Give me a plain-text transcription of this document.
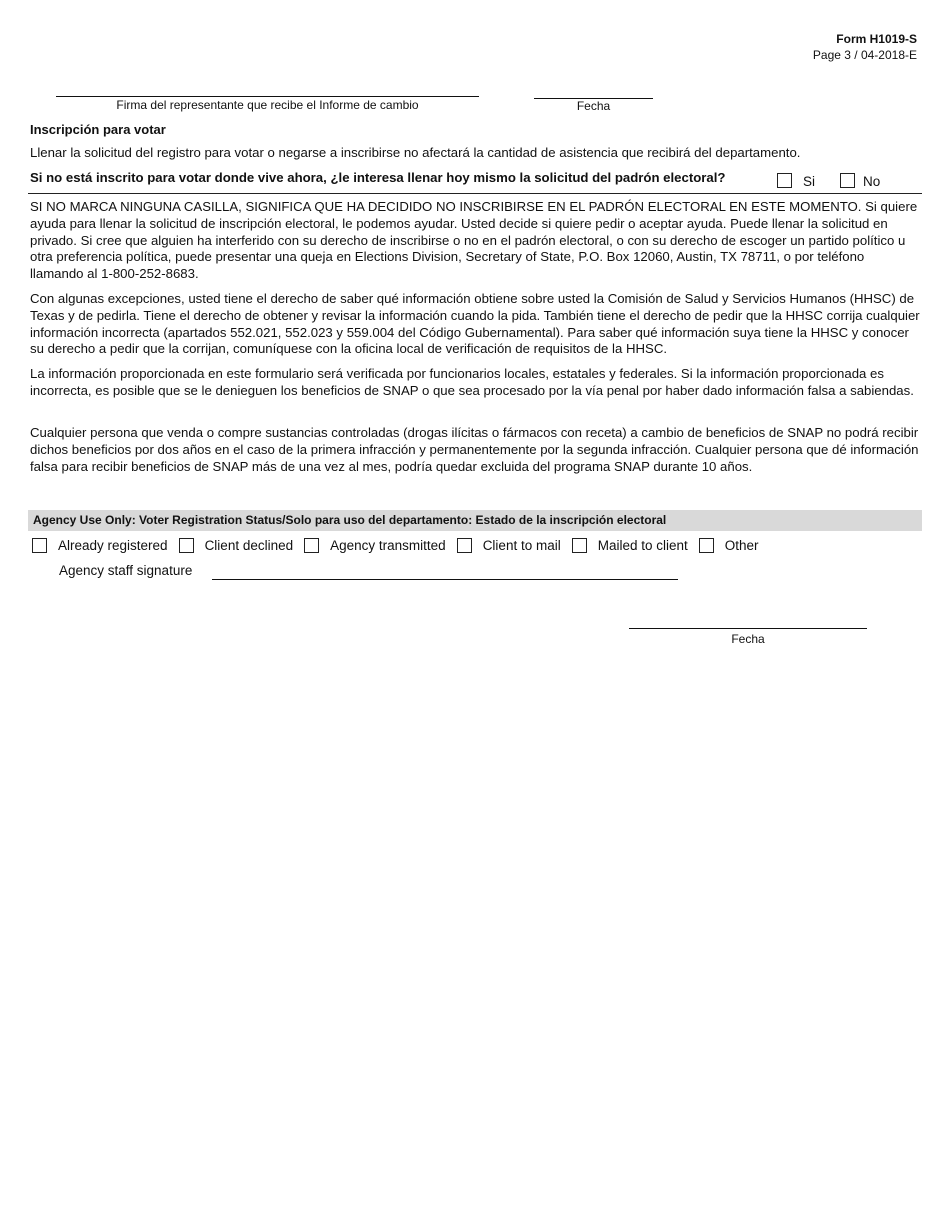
Form H1019-S
Page 3 / 04-2018-E
Firma del representante que recibe el Informe de cambio	Fecha
Inscripción para votar
Llenar la solicitud del registro para votar o negarse a inscribirse no afectará la cantidad de asistencia que recibirá del departamento.
Si no está inscrito para votar donde vive ahora, ¿le interesa llenar hoy mismo la solicitud del padrón electoral?	Si	No
SI NO MARCA NINGUNA CASILLA, SIGNIFICA QUE HA DECIDIDO NO INSCRIBIRSE EN EL PADRÓN ELECTORAL EN ESTE MOMENTO. Si quiere ayuda para llenar la solicitud de inscripción electoral, le podemos ayudar. Usted decide si quiere pedir o aceptar ayuda. Puede llenar la solicitud en privado. Si cree que alguien ha interferido con su derecho de inscribirse o no en el padrón electoral, o con su derecho de escoger un partido político u otra preferencia política, puede presentar una queja en Elections Division, Secretary of State, P.O. Box 12060, Austin, TX 78711, o por teléfono llamando al 1-800-252-8683.
Con algunas excepciones, usted tiene el derecho de saber qué información obtiene sobre usted la Comisión de Salud y Servicios Humanos (HHSC) de Texas y de pedirla. Tiene el derecho de obtener y revisar la información cuando la pida. También tiene el derecho de pedir que la HHSC corrija cualquier información incorrecta (apartados 552.021, 552.023 y 559.004 del Código Gubernamental). Para saber qué información suya tiene la HHSC y conocer su derecho a pedir que la corrijan, comuníquese con la oficina local de verificación de requisitos de la HHSC.
La información proporcionada en este formulario será verificada por funcionarios locales, estatales y federales. Si la información proporcionada es incorrecta, es posible que se le denieguen los beneficios de SNAP o que sea procesado por la vía penal por haber dado información falsa a sabiendas.
Cualquier persona que venda o compre sustancias controladas (drogas ilícitas o fármacos con receta) a cambio de beneficios de SNAP no podrá recibir dichos beneficios por dos años en el caso de la primera infracción y permanentemente por la segunda infracción. Cualquier persona que dé información falsa para recibir beneficios de SNAP más de una vez al mes, podría quedar excluida del programa SNAP durante 10 años.
Agency Use Only: Voter Registration Status/Solo para uso del departamento: Estado de la inscripción electoral
Already registered	Client declined	Agency transmitted	Client to mail	Mailed to client	Other
Agency staff signature
Fecha
